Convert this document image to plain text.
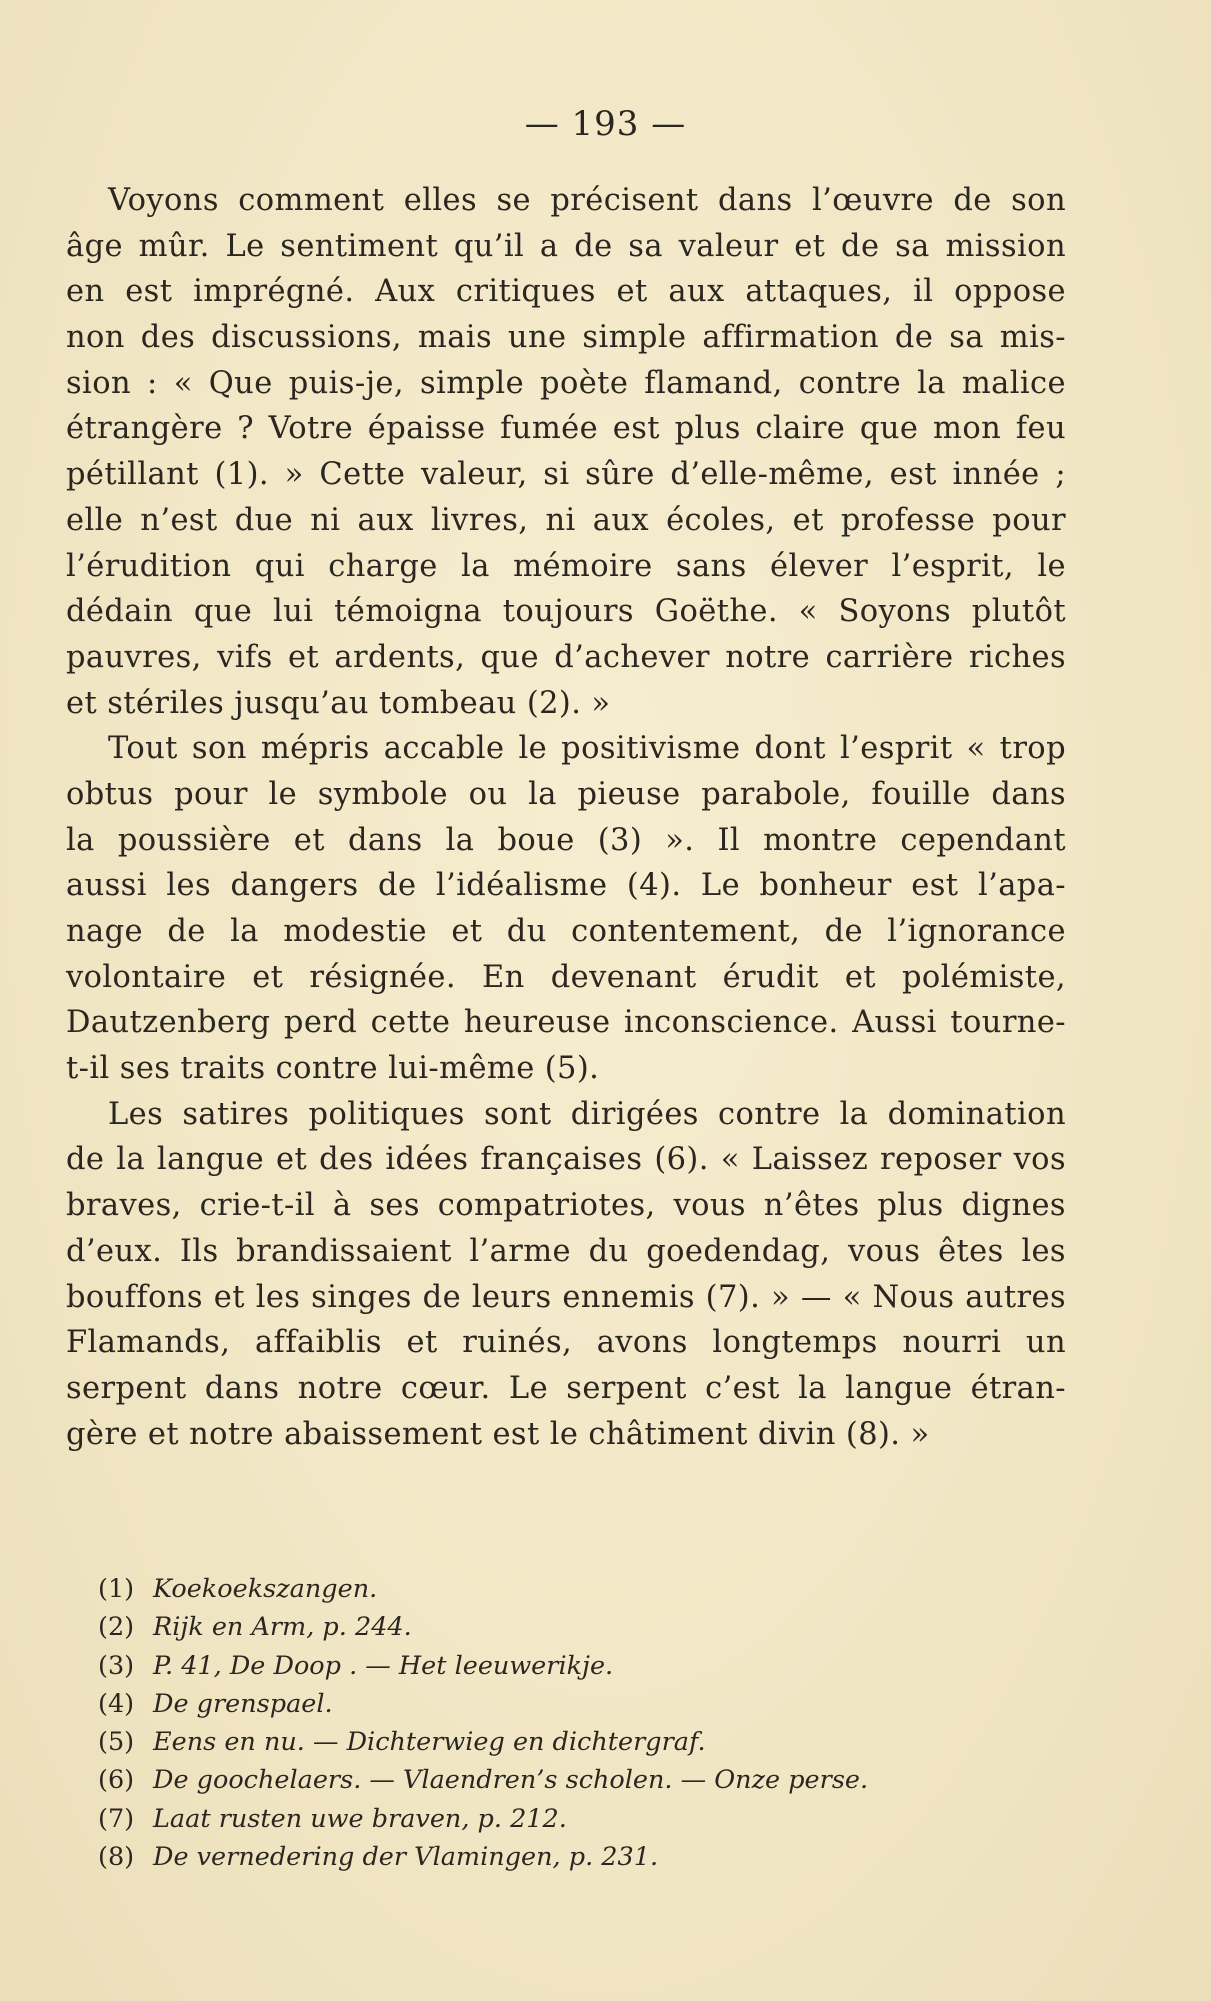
— 193 —
Voyons comment elles se précisent dans l’œuvre de son
âge mûr. Le sentiment qu’il a de sa valeur et de sa mission
en est imprégné. Aux critiques et aux attaques, il oppose
non des discussions, mais une simple affirmation de sa mis-
sion : « Que puis-je, simple poète flamand, contre la malice
étrangère ? Votre épaisse fumée est plus claire que mon feu
pétillant (1). » Cette valeur, si sûre d’elle-même, est innée ;
elle n’est due ni aux livres, ni aux écoles, et professe pour
l’érudition qui charge la mémoire sans élever l’esprit, le
dédain que lui témoigna toujours Goëthe. « Soyons plutôt
pauvres, vifs et ardents, que d’achever notre carrière riches
et stériles jusqu’au tombeau (2). »
Tout son mépris accable le positivisme dont l’esprit « trop
obtus pour le symbole ou la pieuse parabole, fouille dans
la poussière et dans la boue (3) ». Il montre cependant
aussi les dangers de l’idéalisme (4). Le bonheur est l’apa-
nage de la modestie et du contentement, de l’ignorance
volontaire et résignée. En devenant érudit et polémiste,
Dautzenberg perd cette heureuse inconscience. Aussi tourne-
t-il ses traits contre lui-même (5).
Les satires politiques sont dirigées contre la domination
de la langue et des idées françaises (6). « Laissez reposer vos
braves, crie-t-il à ses compatriotes, vous n’êtes plus dignes
d’eux. Ils brandissaient l’arme du goedendag, vous êtes les
bouffons et les singes de leurs ennemis (7). » — « Nous autres
Flamands, affaiblis et ruinés, avons longtemps nourri un
serpent dans notre cœur. Le serpent c’est la langue étran-
gère et notre abaissement est le châtiment divin (8). »
(1) Koekoekszangen.
(2) Rijk en Arm, p. 244.
(3) P. 41, De Doop . — Het leeuwerikje.
(4) De grenspael.
(5) Eens en nu. — Dichterwieg en dichtergraf.
(6) De goochelaers. — Vlaendren’s scholen. — Onze perse.
(7) Laat rusten uwe braven, p. 212.
(8) De vernedering der Vlamingen, p. 231.
